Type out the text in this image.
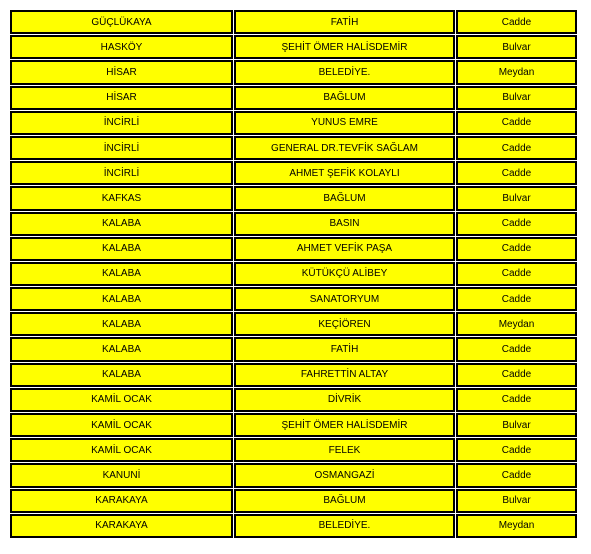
GÜÇLÜKAYA	FATİH	Cadde
HASKÖY	ŞEHİT ÖMER HALİSDEMİR	Bulvar
HİSAR	BELEDİYE.	Meydan
HİSAR	BAĞLUM	Bulvar
İNCİRLİ	YUNUS EMRE	Cadde
İNCİRLİ	GENERAL DR.TEVFİK SAĞLAM	Cadde
İNCİRLİ	AHMET ŞEFİK KOLAYLI	Cadde
KAFKAS	BAĞLUM	Bulvar
KALABA	BASIN	Cadde
KALABA	AHMET VEFİK PAŞA	Cadde
KALABA	KÜTÜKÇÜ ALİBEY	Cadde
KALABA	SANATORYUM	Cadde
KALABA	KEÇİÖREN	Meydan
KALABA	FATİH	Cadde
KALABA	FAHRETTİN ALTAY	Cadde
KAMİL OCAK	DİVRİK	Cadde
KAMİL OCAK	ŞEHİT ÖMER HALİSDEMİR	Bulvar
KAMİL OCAK	FELEK	Cadde
KANUNİ	OSMANGAZİ	Cadde
KARAKAYA	BAĞLUM	Bulvar
KARAKAYA	BELEDİYE.	Meydan
